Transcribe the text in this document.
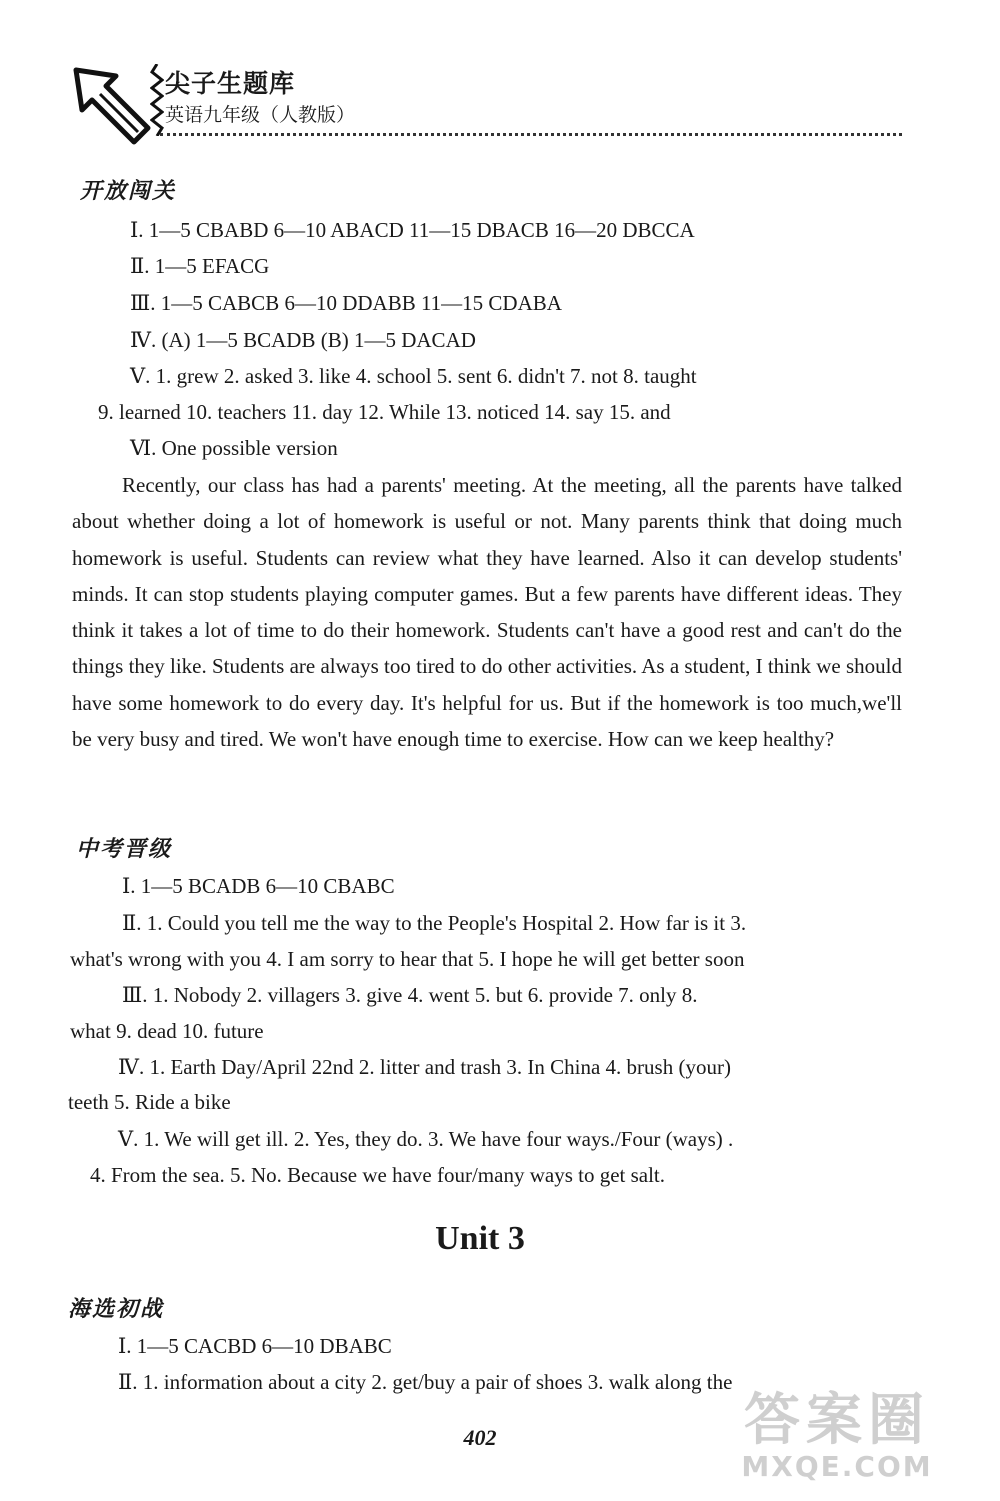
尖子生题库
英语九年级（人教版）
开放闯关
Ⅰ. 1—5 CBABD 6—10 ABACD 11—15 DBACB 16—20 DBCCA
Ⅱ. 1—5 EFACG
Ⅲ. 1—5 CABCB 6—10 DDABB 11—15 CDABA
Ⅳ. (A) 1—5 BCADB (B) 1—5 DACAD
Ⅴ. 1. grew 2. asked 3. like 4. school 5. sent 6. didn't 7. not 8. taught
9. learned 10. teachers 11. day 12. While 13. noticed 14. say 15. and
Ⅵ. One possible version
Recently, our class has had a parents' meeting. At the meeting, all the parents have talked about whether doing a lot of homework is useful or not. Many parents think that doing much homework is useful. Students can review what they have learned. Also it can develop students' minds. It can stop students playing computer games. But a few parents have different ideas. They think it takes a lot of time to do their homework. Students can't have a good rest and can't do the things they like. Students are always too tired to do other activities. As a student, I think we should have some homework to do every day. It's helpful for us. But if the homework is too much,we'll be very busy and tired. We won't have enough time to exercise. How can we keep healthy?
中考晋级
Ⅰ. 1—5 BCADB 6—10 CBABC
Ⅱ. 1. Could you tell me the way to the People's Hospital 2. How far is it 3.
what's wrong with you 4. I am sorry to hear that 5. I hope he will get better soon
Ⅲ. 1. Nobody 2. villagers 3. give 4. went 5. but 6. provide 7. only 8.
what 9. dead 10. future
Ⅳ. 1. Earth Day/April 22nd 2. litter and trash 3. In China 4. brush (your)
teeth 5. Ride a bike
Ⅴ. 1. We will get ill. 2. Yes, they do. 3. We have four ways./Four (ways) .
4. From the sea. 5. No. Because we have four/many ways to get salt.
Unit 3
海选初战
Ⅰ. 1—5 CACBD 6—10 DBABC
Ⅱ. 1. information about a city 2. get/buy a pair of shoes 3. walk along the
402	答案圈
MXQE.COM
